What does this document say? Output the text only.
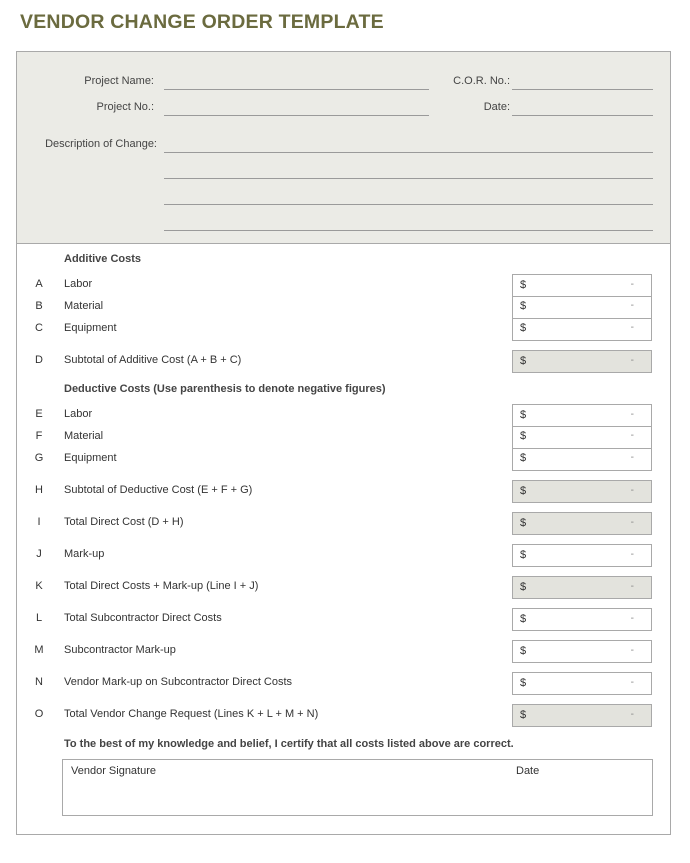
VENDOR CHANGE ORDER TEMPLATE
Project Name:	C.O.R. No.:
Project No.:	Date:
Description of Change:
Additive Costs
Deductive Costs (Use parenthesis to denote negative figures)
A	Labor	$	-
B	Material	$	-
C	Equipment	$	-
D	Subtotal of Additive Cost (A + B + C)	$	-
E	Labor	$	-
F	Material	$	-
G	Equipment	$	-
H	Subtotal of Deductive Cost (E + F + G)	$	-
I	Total Direct Cost (D + H)	$	-
J	Mark-up	$	-
K	Total Direct Costs + Mark-up (Line I + J)	$	-
L	Total Subcontractor Direct Costs	$	-
M	Subcontractor Mark-up	$	-
N	Vendor Mark-up on Subcontractor Direct Costs	$	-
O	Total Vendor Change Request (Lines K + L + M + N)	$	-
To the best of my knowledge and belief, I certify that all costs listed above are correct.
Vendor Signature	Date
